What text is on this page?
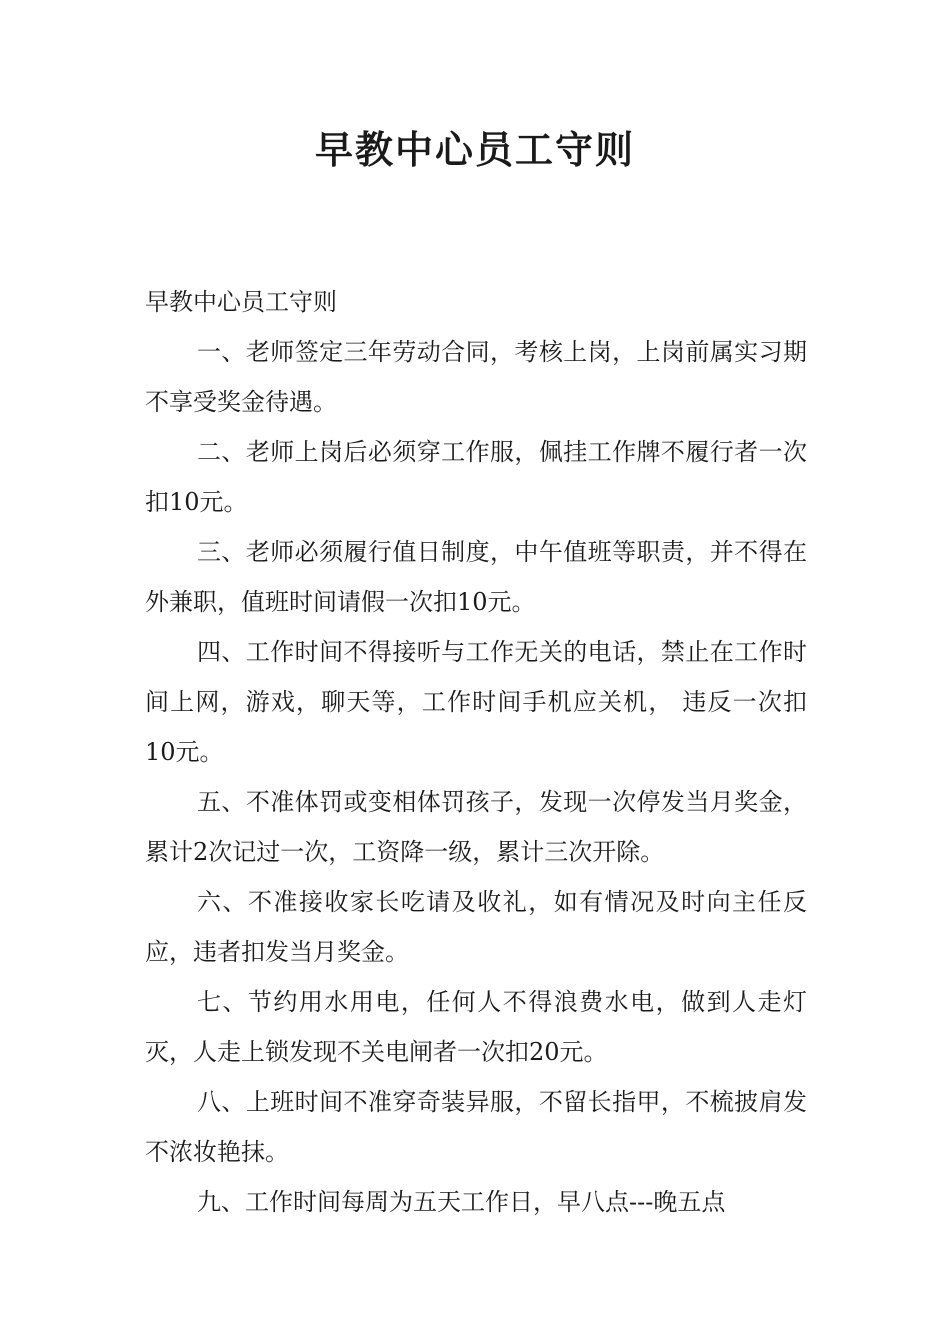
早教中心员工守则

早教中心员工守则

一、老师签定三年劳动合同，考核上岗，上岗前属实习期不享受奖金待遇。

二、老师上岗后必须穿工作服，佩挂工作牌不履行者一次扣10元。

三、老师必须履行值日制度，中午值班等职责，并不得在外兼职，值班时间请假一次扣10元。

四、工作时间不得接听与工作无关的电话，禁止在工作时间上网，游戏，聊天等，工作时间手机应关机， 违反一次扣10元。

五、不准体罚或变相体罚孩子，发现一次停发当月奖金，累计2次记过一次，工资降一级，累计三次开除。

六、不准接收家长吃请及收礼，如有情况及时向主任反应，违者扣发当月奖金。

七、节约用水用电，任何人不得浪费水电，做到人走灯灭，人走上锁发现不关电闸者一次扣20元。

八、上班时间不准穿奇装异服，不留长指甲，不梳披肩发不浓妆艳抹。

九、工作时间每周为五天工作日，早八点---晚五点
